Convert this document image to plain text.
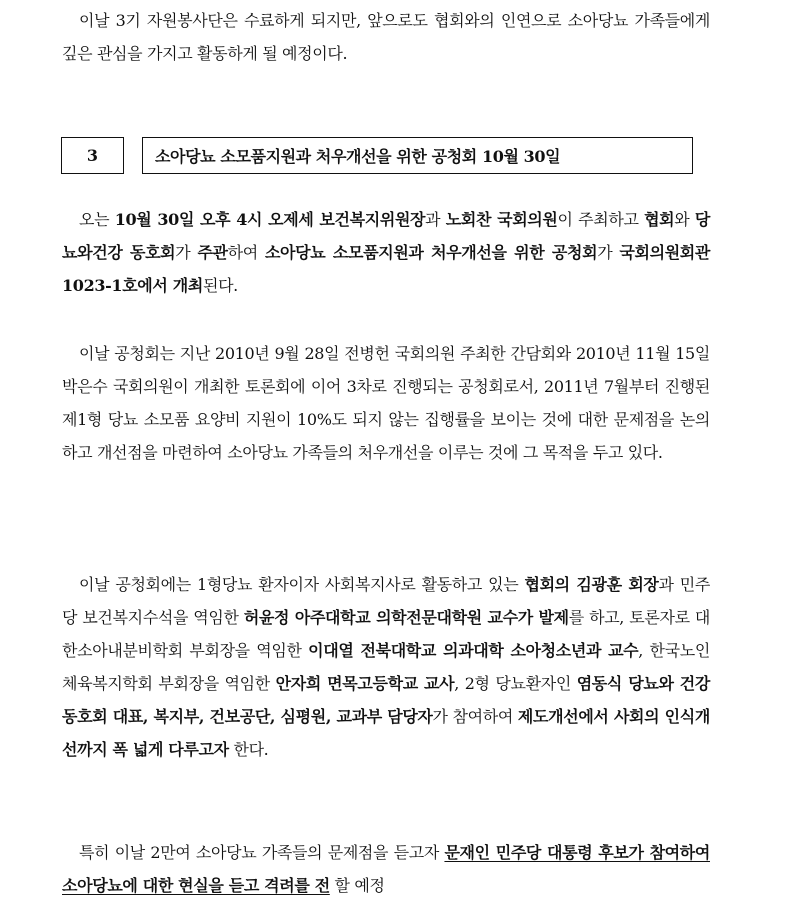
이날 3기 자원봉사단은 수료하게 되지만, 앞으로도 협회와의 인연으로 소아당뇨 가족들에게 깊은 관심을 가지고 활동하게 될 예정이다.

3	소아당뇨 소모품지원과 처우개선을 위한 공청회 10월 30일

오는 10월 30일 오후 4시 오제세 보건복지위원장과 노회찬 국회의원이 주최하고 협회와 당뇨와건강 동호회가 주관하여 소아당뇨 소모품지원과 처우개선을 위한 공청회가 국회의원회관 1023-1호에서 개최된다.

이날 공청회는 지난 2010년 9월 28일 전병헌 국회의원 주최한 간담회와 2010년 11월 15일 박은수 국회의원이 개최한 토론회에 이어 3차로 진행되는 공청회로서, 2011년 7월부터 진행된 제1형 당뇨 소모품 요양비 지원이 10%도 되지 않는 집행률을 보이는 것에 대한 문제점을 논의하고 개선점을 마련하여 소아당뇨 가족들의 처우개선을 이루는 것에 그 목적을 두고 있다.

이날 공청회에는 1형당뇨 환자이자 사회복지사로 활동하고 있는 협회의 김광훈 회장과 민주당 보건복지수석을 역임한 허윤정 아주대학교 의학전문대학원 교수가 발제를 하고, 토론자로 대한소아내분비학회 부회장을 역임한 이대열 전북대학교 의과대학 소아청소년과 교수, 한국노인체육복지학회 부회장을 역임한 안자희 면목고등학교 교사, 2형 당뇨환자인 염동식 당뇨와 건강동호회 대표, 복지부, 건보공단, 심평원, 교과부 담당자가 참여하여 제도개선에서 사회의 인식개선까지 폭 넓게 다루고자 한다.

특히 이날 2만여 소아당뇨 가족들의 문제점을 듣고자 문재인 민주당 대통령 후보가 참여하여 소아당뇨에 대한 현실을 듣고 격려를 전 할 예정
